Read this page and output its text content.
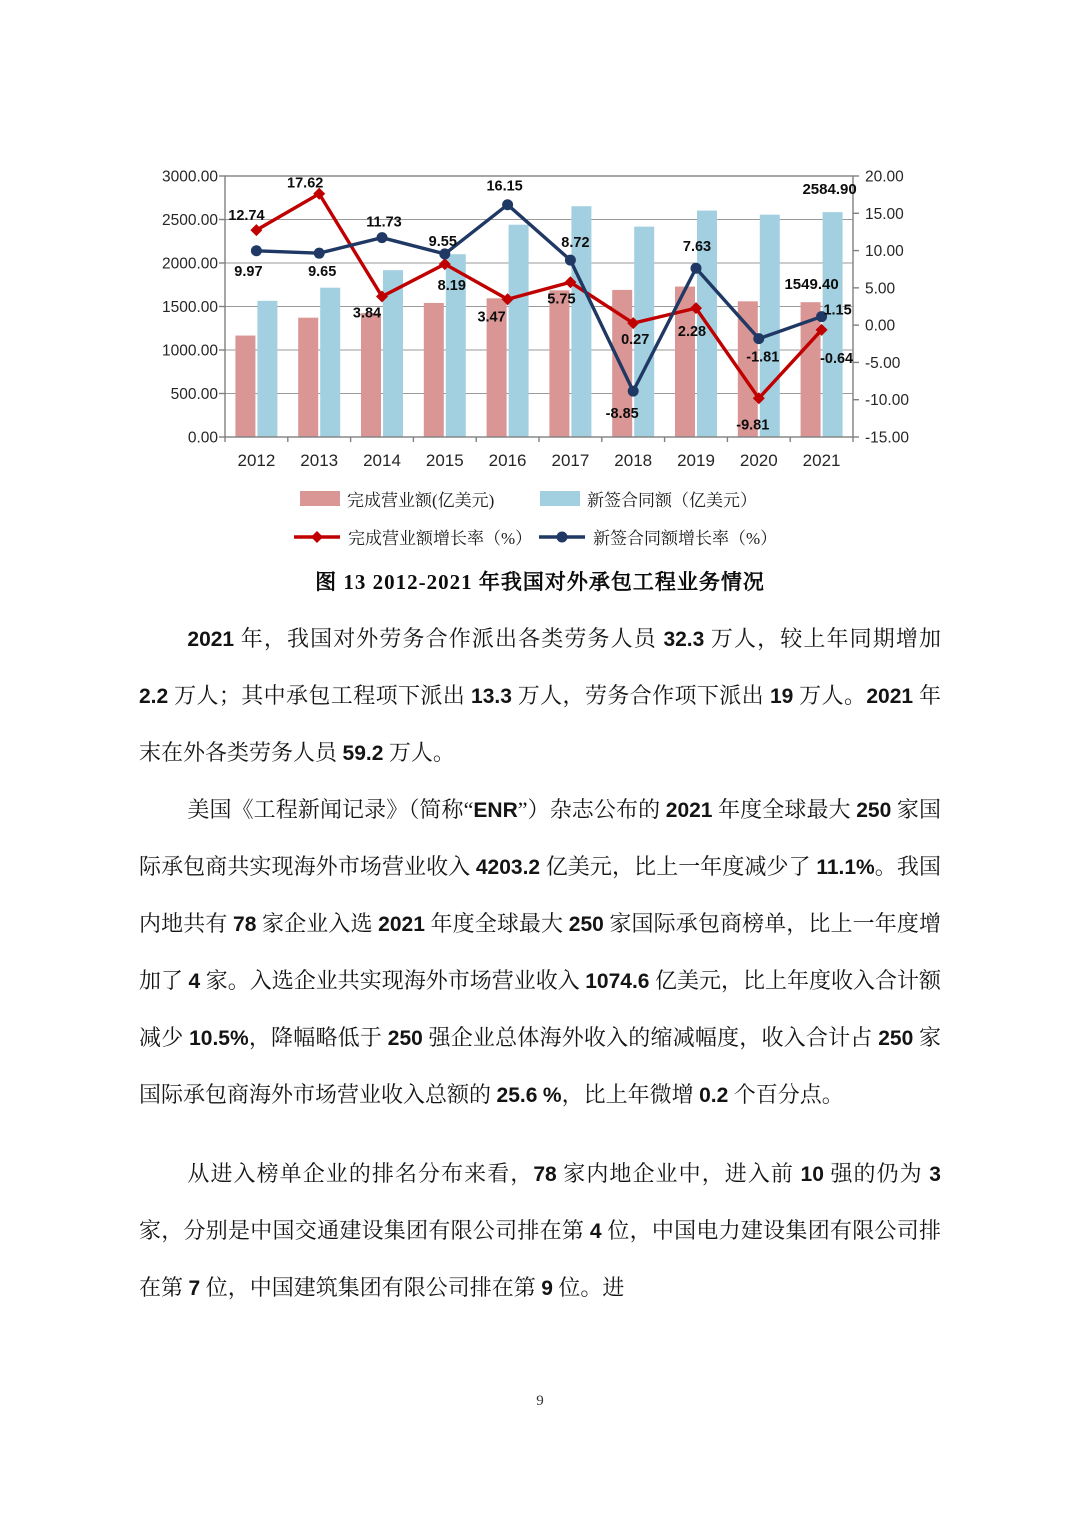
3000.00
2500.00
2000.00
1500.00
1000.00
500.00
0.00
20.00
15.00
10.00
5.00
0.00
-5.00
-10.00
-15.00
2012 2013 2014 2015 2016 2017 2018 2019 2020 2021
12.74
17.62
3.84
8.19
3.47
5.75
0.27 2.28
-9.81
-0.64
9.97	9.65
11.73
9.55
16.15
8.72
-8.85
7.63
-1.81
1.15
1549.40
2584.90
完成营业额(亿美元)	新签合同额（亿美元）
完成营业额增长率（%）	新签合同额增长率（%）
图 13 2012-2021 年我国对外承包工程业务情况

2021 年，我国对外劳务合作派出各类劳务人员 32.3 万人，较上年同期增加 2.2 万人；其中承包工程项下派出 13.3 万人，劳务合作项下派出 19 万人。2021 年末在外各类劳务人员 59.2 万人。

美国《工程新闻记录》（简称“ENR”）杂志公布的 2021 年度全球最大 250 家国际承包商共实现海外市场营业收入 4203.2 亿美元，比上一年度减少了 11.1%。我国内地共有 78 家企业入选 2021 年度全球最大 250 家国际承包商榜单，比上一年度增加了 4 家。入选企业共实现海外市场营业收入 1074.6 亿美元，比上年度收入合计额减少 10.5%，降幅略低于 250 强企业总体海外收入的缩减幅度，收入合计占 250 家国际承包商海外市场营业收入总额的 25.6 %，比上年微增 0.2 个百分点。

从进入榜单企业的排名分布来看，78 家内地企业中，进入前 10 强的仍为 3 家，分别是中国交通建设集团有限公司排在第 4 位，中国电力建设集团有限公司排在第 7 位，中国建筑集团有限公司排在第 9 位。进

9
